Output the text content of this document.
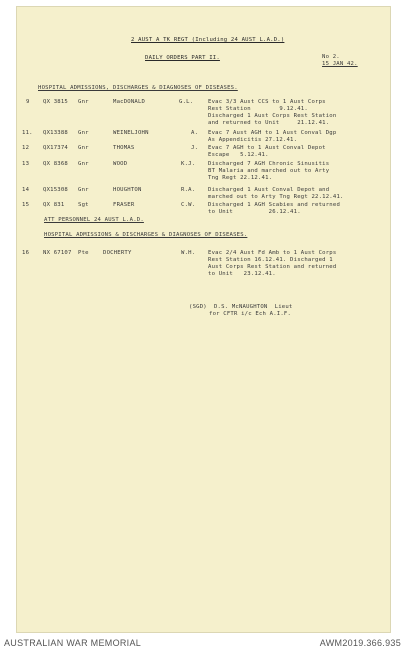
2 AUST A TK REGT (Including 24 AUST L.A.D.)
DAILY ORDERS PART II.	No 2.
15 JAN 42.
HOSPITAL ADMISSIONS, DISCHARGES & DIAGNOSES OF DISEASES.
9 QX 3815 Gnr	MacDONALD	G.L.	Evac 3/3 Aust CCS to 1 Aust Corps
Rest Station        9.12.41.
Discharged 1 Aust Corps Rest Station
and returned to Unit     21.12.41.
11. QX13388 Gnr	WEINELJOHN	A. Evac 7 Aust AGH to 1 Aust Conval Dgp
As Appendicitis 27.12.41.
12 QX17374 Gnr	THOMAS	J. Evac 7 AGH to 1 Aust Conval Depot
Escape   5.12.41.
13 QX 8368 Gnr	WOOD	K.J. Discharged 7 AGH Chronic Sinusitis
BT Malaria and marched out to Arty
Tng Regt 22.12.41.
14 QX15308 Gnr	HOUGHTON	R.A. Discharged 1 Aust Conval Depot and
marched out to Arty Tng Regt 22.12.41.
15 QX 831 Sgt	FRASER	C.W. Discharged 1 AGH Scabies and returned
to Unit          26.12.41.
ATT PERSONNEL 24 AUST L.A.D.
HOSPITAL ADMISSIONS & DISCHARGES & DIAGNOSES OF DISEASES.
16 NX 67107 Pte	DOCHERTY	W.H. Evac 2/4 Aust Fd Amb to 1 Aust Corps
Rest Station 16.12.41. Discharged 1
Aust Corps Rest Station and returned
to Unit   23.12.41.
(SGD)  D.S. McNAUGHTON  Lieut
for CFTR i/c Ech A.I.F.
AUSTRALIAN WAR MEMORIAL	AWM2019.366.935
